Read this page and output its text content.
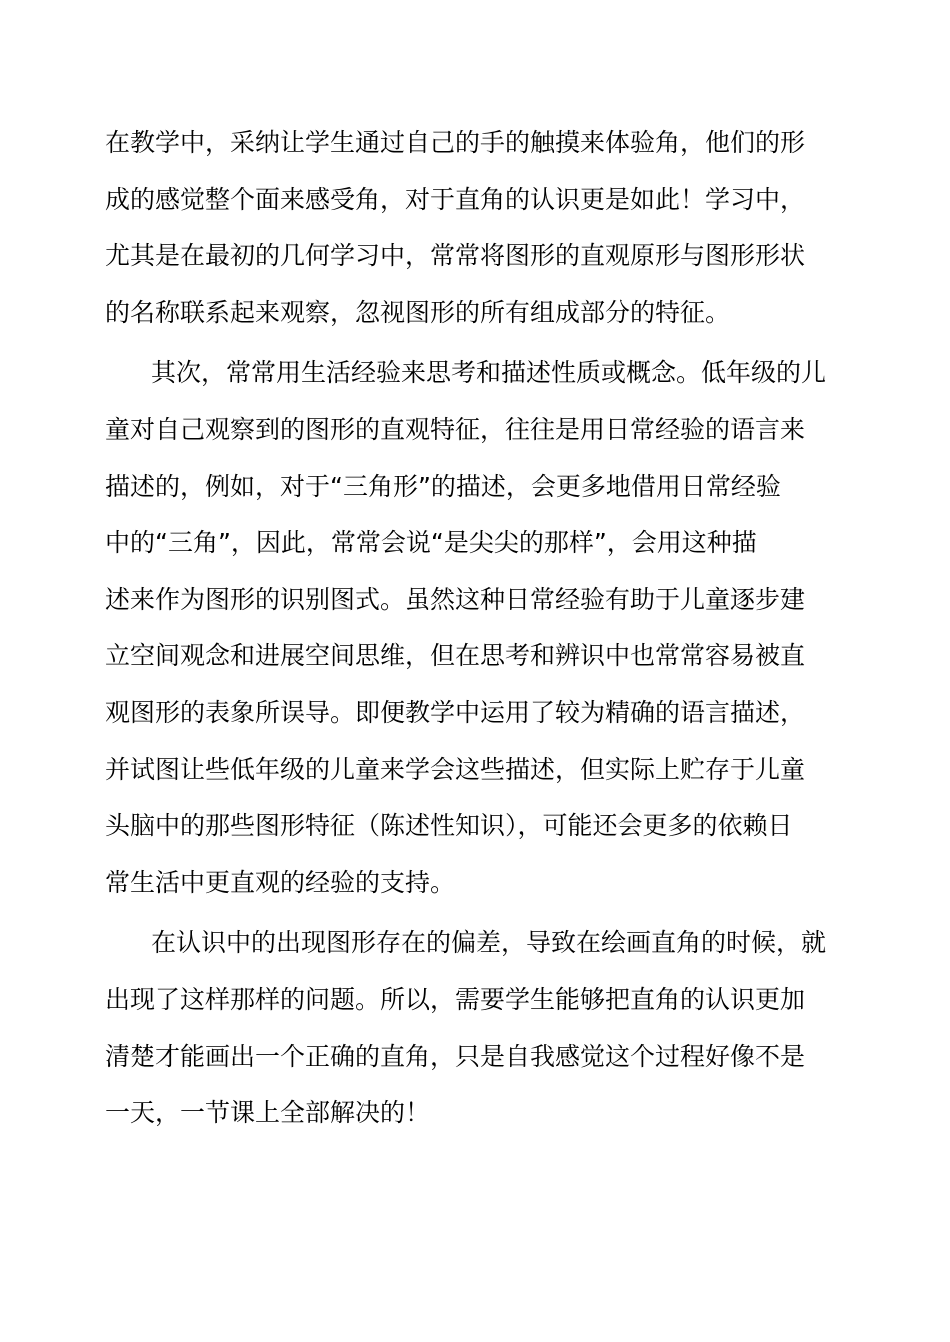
在教学中，采纳让学生通过自己的手的触摸来体验角，他们的形
成的感觉整个面来感受角，对于直角的认识更是如此！学习中，
尤其是在最初的几何学习中，常常将图形的直观原形与图形形状
的名称联系起来观察，忽视图形的所有组成部分的特征。
其次，常常用生活经验来思考和描述性质或概念。低年级的儿
童对自己观察到的图形的直观特征，往往是用日常经验的语言来
描述的，例如，对于“三角形”的描述，会更多地借用日常经验
中的“三角”，因此，常常会说“是尖尖的那样”，会用这种描
述来作为图形的识别图式。虽然这种日常经验有助于儿童逐步建
立空间观念和进展空间思维，但在思考和辨识中也常常容易被直
观图形的表象所误导。即便教学中运用了较为精确的语言描述，
并试图让些低年级的儿童来学会这些描述，但实际上贮存于儿童
头脑中的那些图形特征（陈述性知识），可能还会更多的依赖日
常生活中更直观的经验的支持。
在认识中的出现图形存在的偏差，导致在绘画直角的时候，就
出现了这样那样的问题。所以，需要学生能够把直角的认识更加
清楚才能画出一个正确的直角，只是自我感觉这个过程好像不是
一天，一节课上全部解决的！
